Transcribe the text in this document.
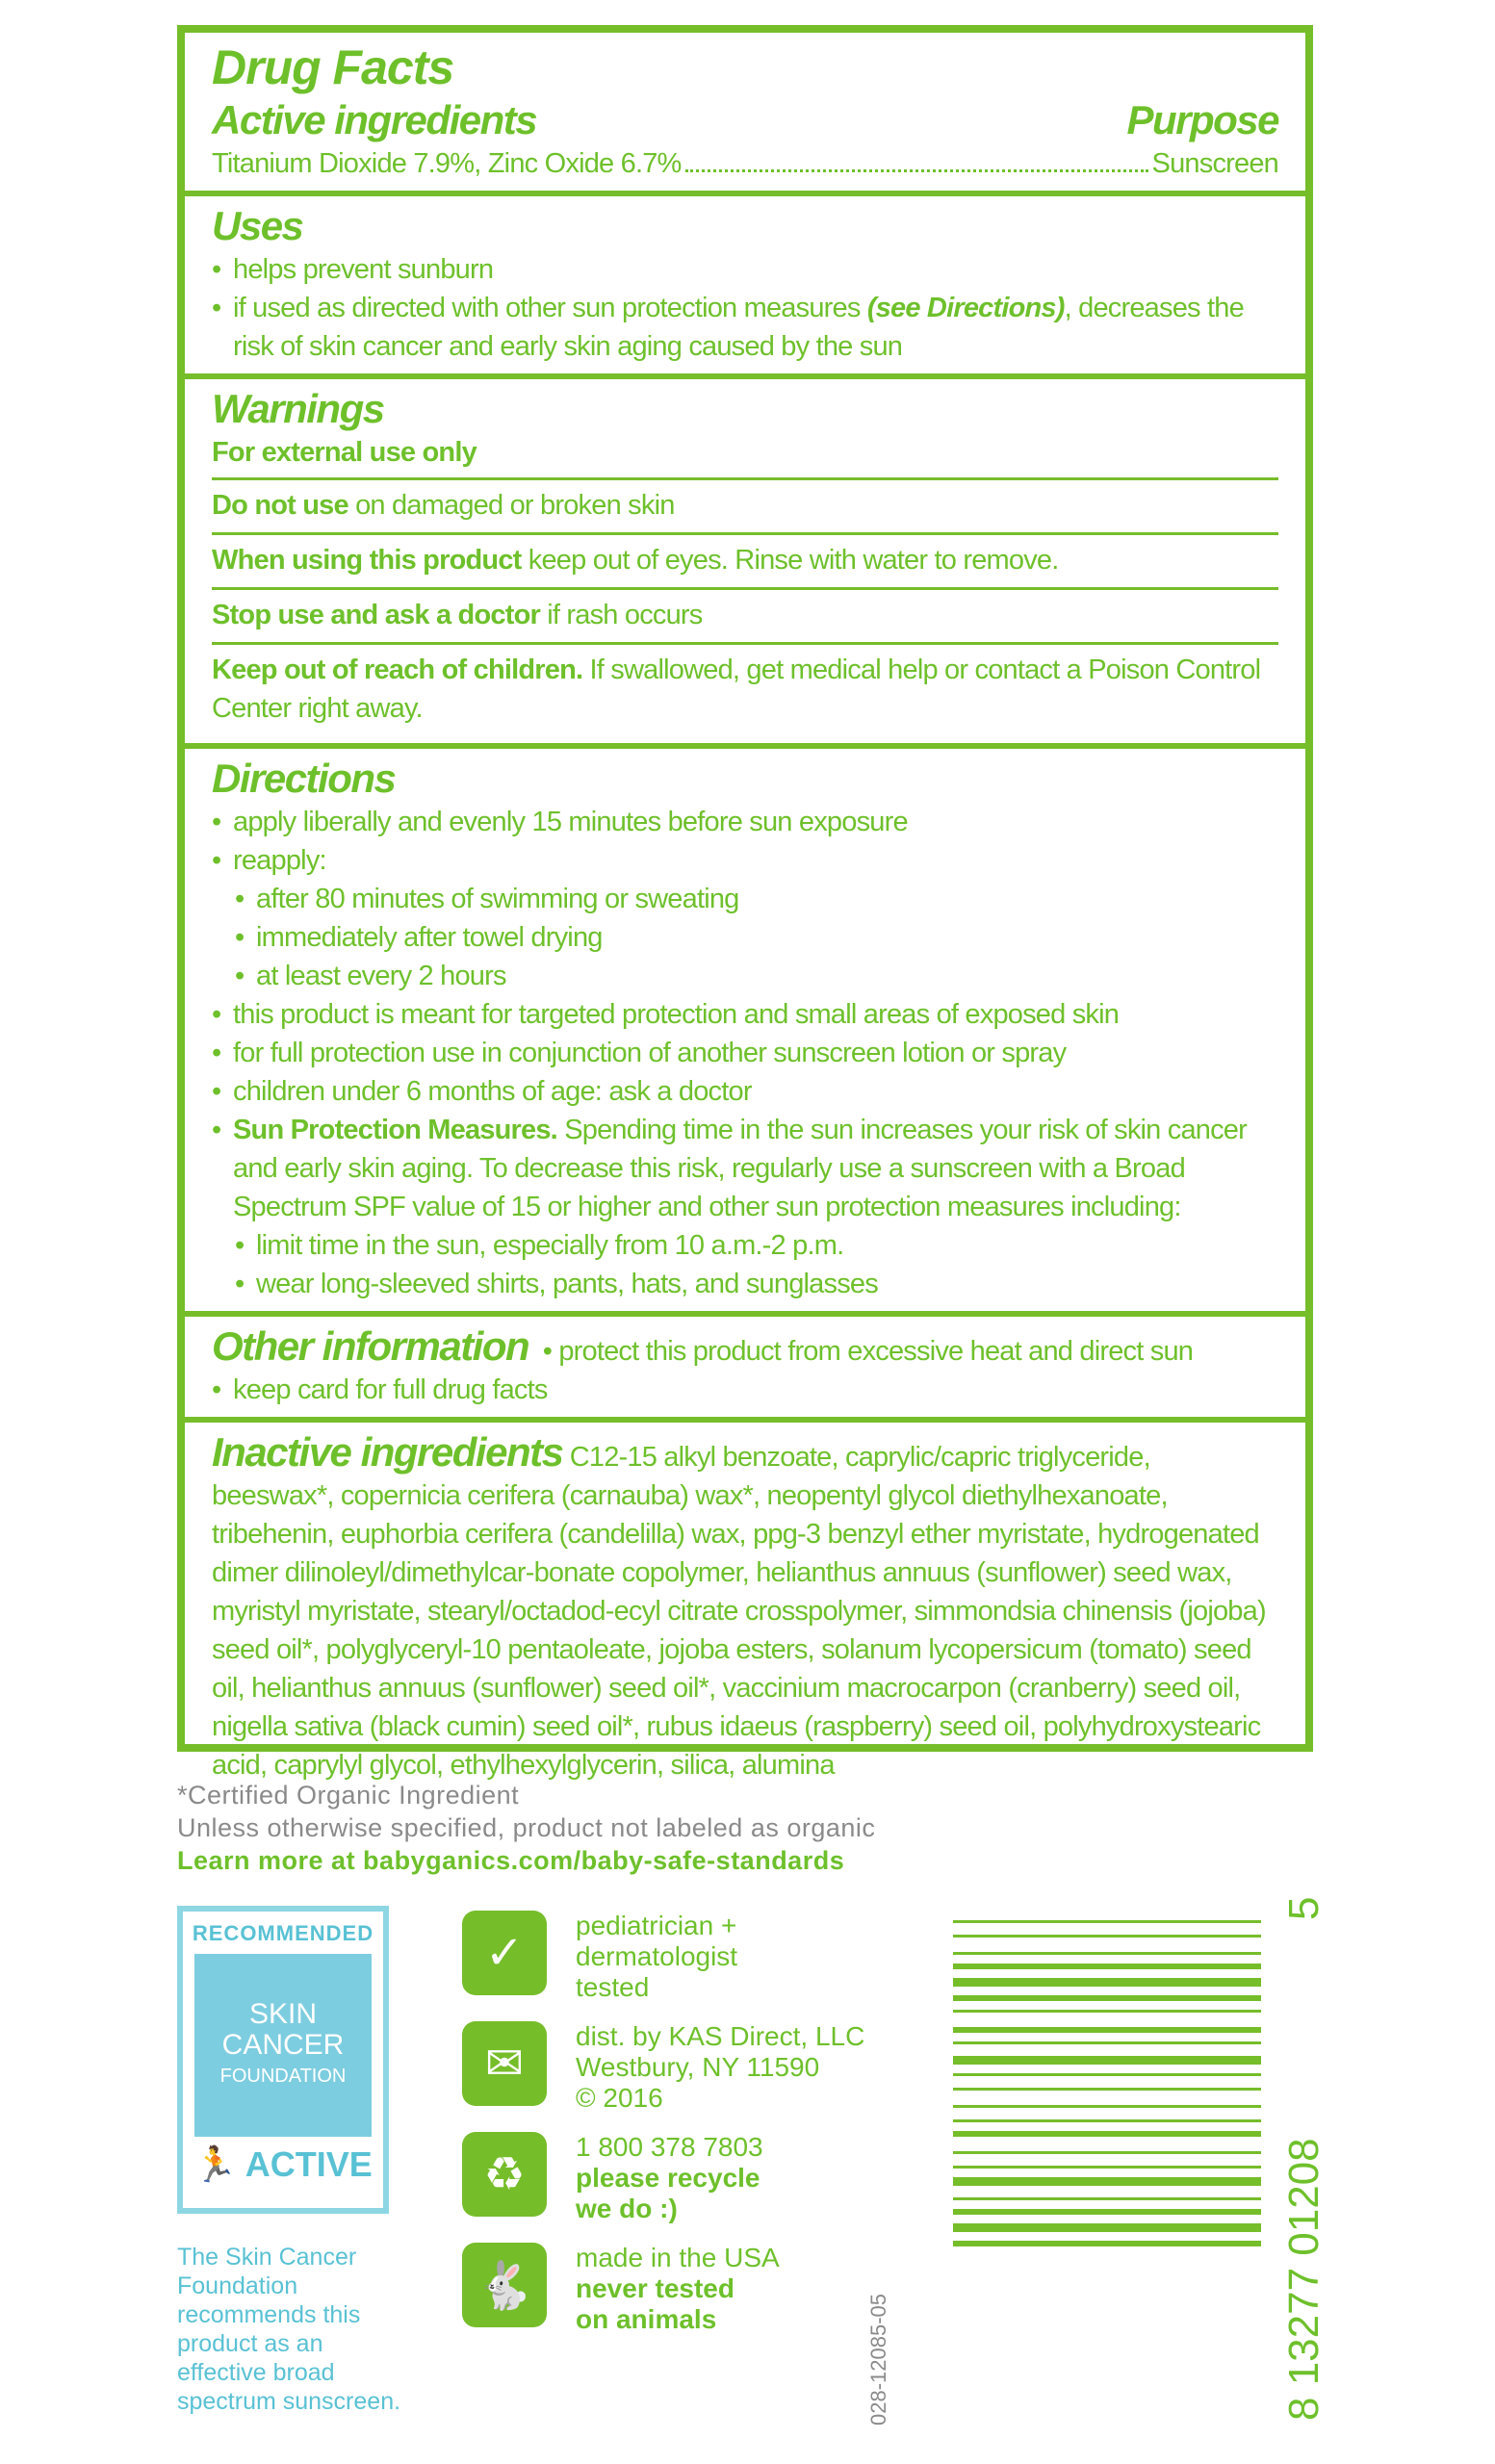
Drug Facts
Active ingredients	Purpose
Titanium Dioxide 7.9%, Zinc Oxide 6.7%	Sunscreen
Uses
• helps prevent sunburn
• if used as directed with other sun protection measures (see Directions), decreases the risk of skin cancer and early skin aging caused by the sun
Warnings
For external use only
Do not use on damaged or broken skin
When using this product keep out of eyes. Rinse with water to remove.
Stop use and ask a doctor if rash occurs
Keep out of reach of children. If swallowed, get medical help or contact a Poison Control Center right away.
Directions
• apply liberally and evenly 15 minutes before sun exposure
• reapply:
• after 80 minutes of swimming or sweating
• immediately after towel drying
• at least every 2 hours
• this product is meant for targeted protection and small areas of exposed skin
• for full protection use in conjunction of another sunscreen lotion or spray
• children under 6 months of age: ask a doctor
• Sun Protection Measures. Spending time in the sun increases your risk of skin cancer and early skin aging. To decrease this risk, regularly use a sunscreen with a Broad Spectrum SPF value of 15 or higher and other sun protection measures including:
• limit time in the sun, especially from 10 a.m.-2 p.m.
• wear long-sleeved shirts, pants, hats, and sunglasses
Other information  • protect this product from excessive heat and direct sun
• keep card for full drug facts
Inactive ingredients C12-15 alkyl benzoate, caprylic/capric triglyceride, beeswax*, copernicia cerifera (carnauba) wax*, neopentyl glycol diethylhexanoate, tribehenin, euphorbia cerifera (candelilla) wax, ppg-3 benzyl ether myristate, hydrogenated dimer dilinoleyl/dimethylcar-bonate copolymer, helianthus annuus (sunflower) seed wax, myristyl myristate, stearyl/octadod-ecyl citrate crosspolymer, simmondsia chinensis (jojoba) seed oil*, polyglyceryl-10 pentaoleate, jojoba esters, solanum lycopersicum (tomato) seed oil, helianthus annuus (sunflower) seed oil*, vaccinium macrocarpon (cranberry) seed oil, nigella sativa (black cumin) seed oil*, rubus idaeus (raspberry) seed oil, polyhydroxystearic acid, caprylyl glycol, ethylhexylglycerin, silica, alumina
*Certified Organic Ingredient
Unless otherwise specified, product not labeled as organic
Learn more at babyganics.com/baby-safe-standards
RECOMMENDED
SKIN
CANCER
FOUNDATION
🏃 ACTIVE
The Skin Cancer Foundation recommends this product as an effective broad spectrum sunscreen.
✓
pediatrician +
dermatologist
tested
✉
dist. by KAS Direct, LLC
Westbury, NY 11590
© 2016
♻
1 800 378 7803
please recycle
we do :)
🐇
made in the USA
never tested
on animals	8 13277 01208
5
028-12085-05
